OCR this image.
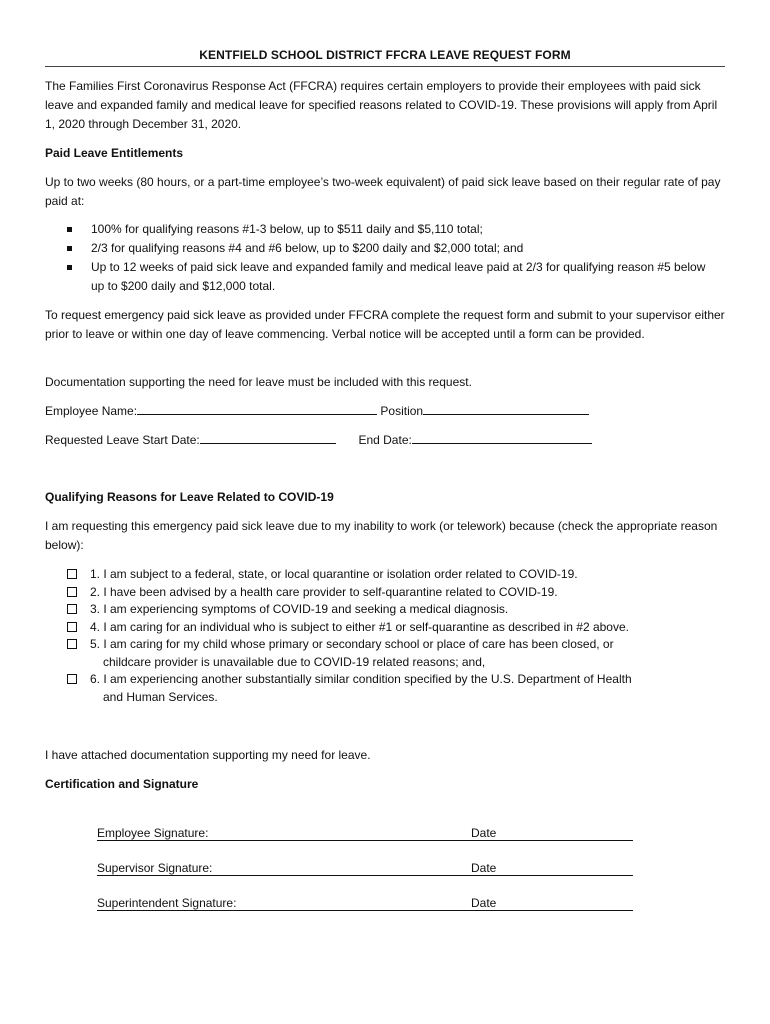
KENTFIELD SCHOOL DISTRICT FFCRA LEAVE REQUEST FORM

The Families First Coronavirus Response Act (FFCRA) requires certain employers to provide their employees with paid sick leave and expanded family and medical leave for specified reasons related to COVID-19. These provisions will apply from April 1, 2020 through December 31, 2020.

Paid Leave Entitlements

Up to two weeks (80 hours, or a part-time employee’s two-week equivalent) of paid sick leave based on their regular rate of pay paid at:

100% for qualifying reasons #1-3 below, up to $511 daily and $5,110 total;
2/3 for qualifying reasons #4 and #6 below, up to $200 daily and $2,000 total; and
Up to 12 weeks of paid sick leave and expanded family and medical leave paid at 2/3 for qualifying reason #5 below up to $200 daily and $12,000 total.

To request emergency paid sick leave as provided under FFCRA complete the request form and submit to your supervisor either prior to leave or within one day of leave commencing. Verbal notice will be accepted until a form can be provided.

Documentation supporting the need for leave must be included with this request.

Employee Name:	Position
Requested Leave Start Date:	End Date:

Qualifying Reasons for Leave Related to COVID-19

I am requesting this emergency paid sick leave due to my inability to work (or telework) because (check the appropriate reason below):

1. I am subject to a federal, state, or local quarantine or isolation order related to COVID-19.
2. I have been advised by a health care provider to self-quarantine related to COVID-19.
3. I am experiencing symptoms of COVID-19 and seeking a medical diagnosis.
4. I am caring for an individual who is subject to either #1 or self-quarantine as described in #2 above.
5. I am caring for my child whose primary or secondary school or place of care has been closed, or
childcare provider is unavailable due to COVID-19 related reasons; and,
6. I am experiencing another substantially similar condition specified by the U.S. Department of Health
and Human Services.

I have attached documentation supporting my need for leave.

Certification and Signature

Employee Signature:	Date
Supervisor Signature:	Date
Superintendent Signature:	Date
